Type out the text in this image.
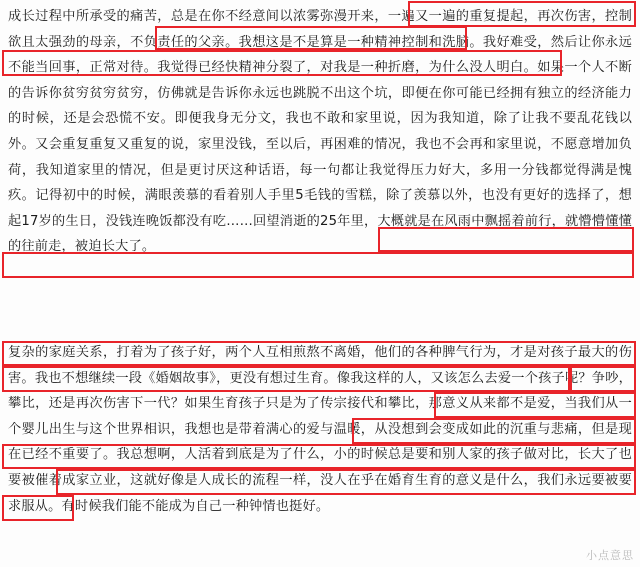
成长过程中所承受的痛苦，总是在你不经意间以浓雾弥漫开来，一遍又一遍的重复提起，再次伤害，控制欲且太强劲的母亲，不负责任的父亲。我想这是不是算是一种精神控制和洗脑。我好难受，然后让你永远不能当回事，正常对待。我觉得已经快精神分裂了，对我是一种折磨，为什么没人明白。如果一个人不断的告诉你贫穷贫穷贫穷，仿佛就是告诉你永远也跳脱不出这个坑，即便在你可能已经拥有独立的经济能力的时候，还是会恐慌不安。即便我身无分文，我也不敢和家里说，因为我知道，除了让我不要乱花钱以外。又会重复重复又重复的说，家里没钱，至以后，再困难的情况，我也不会再和家里说，不愿意增加负荷，我知道家里的情况，但是更讨厌这种话语，每一句都让我觉得压力好大，多用一分钱都觉得满是愧疚。记得初中的时候，满眼羡慕的看着别人手里5毛钱的雪糕，除了羡慕以外，也没有更好的选择了，想起17岁的生日，没钱连晚饭都没有吃……回望消逝的25年里，大概就是在风雨中飘摇着前行，就懵懵懂懂的往前走，被迫长大了。
复杂的家庭关系，打着为了孩子好，两个人互相煎熬不离婚，他们的各种脾气行为，才是对孩子最大的伤害。我也不想继续一段《婚姻故事》，更没有想过生育。像我这样的人，又该怎么去爱一个孩子呢？争吵，攀比，还是再次伤害下一代？如果生育孩子只是为了传宗接代和攀比，那意义从来都不是爱，当我们从一个婴儿出生与这个世界相识，我想也是带着满心的爱与温暖，从没想到会变成如此的沉重与悲痛，但是现在已经不重要了。我总想啊，人活着到底是为了什么，小的时候总是要和别人家的孩子做对比，长大了也要被催着成家立业，这就好像是人成长的流程一样，没人在乎在婚育生育的意义是什么，我们永远要被要求服从。有时候我们能不能成为自己一种钟情也挺好。
小点意思
